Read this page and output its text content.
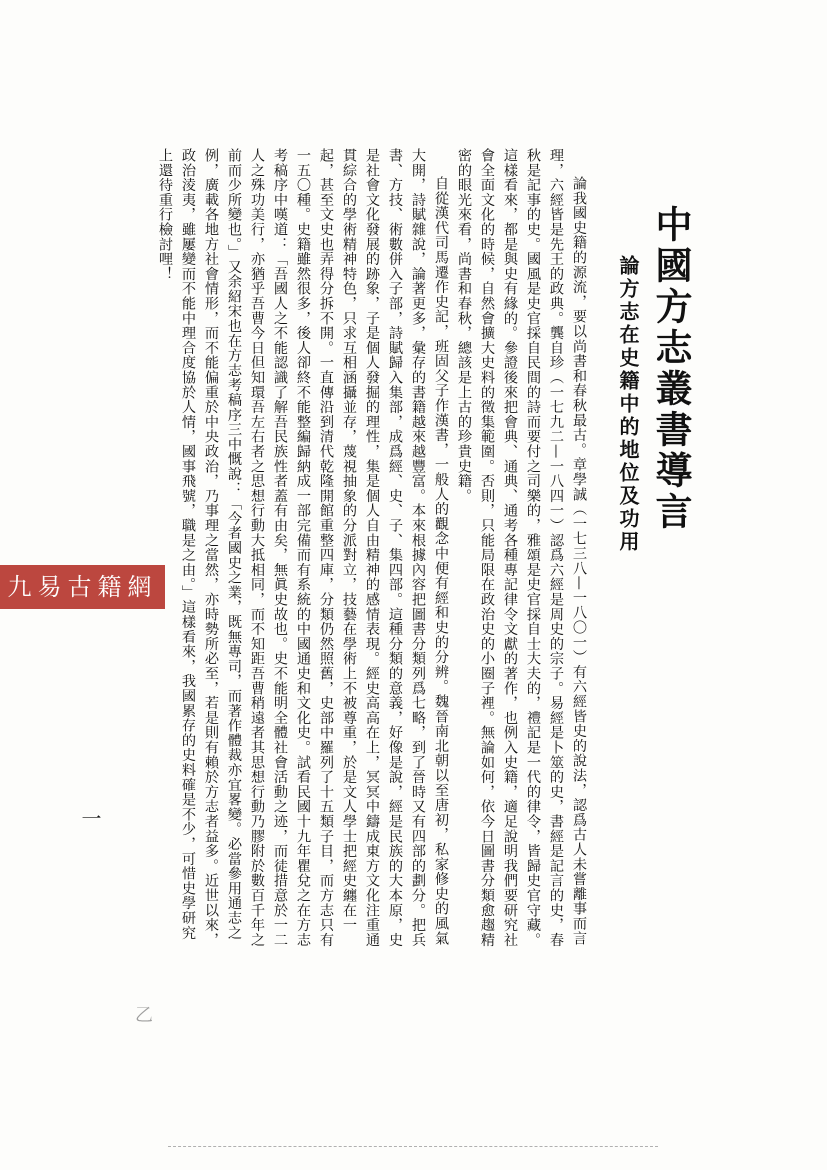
中國方志叢書導言
論方志在史籍中的地位及功用

論我國史籍的源流，要以尚書和春秋最古。章學誠（一七三八—一八〇一）有六經皆史的說法，認爲古人未嘗離事而言理，六經皆是先王的政典。龔自珍（一七九二—一八四一）認爲六經是周史的宗子。易經是卜筮的史，書經是記言的史，春秋是記事的史。國風是史官採自民間的詩而要付之司樂的，雅頌是史官採自士大夫的，禮記是一代的律令，皆歸史官守藏。這樣看來，都是與史有緣的。參證後來把會典、通典、通考各種專記律令文獻的著作，也例入史籍，適足說明我們要研究社會全面文化的時候，自然會擴大史料的徵集範圍。否則，只能局限在政治史的小圈子裡。無論如何，依今日圖書分類愈趨精密的眼光來看，尚書和春秋，總該是上古的珍貴史籍。

自從漢代司馬遷作史記，班固父子作漢書，一般人的觀念中便有經和史的分辨。魏晉南北朝以至唐初，私家修史的風氣大開，詩賦雜說，論著更多，彙存的書籍越來越豐富。本來根據內容把圖書分類列爲七略，到了晉時又有四部的劃分。把兵書、方技、術數併入子部，詩賦歸入集部，成爲經、史、子、集四部。這種分類的意義，好像是說，經是民族的大本原，史是社會文化發展的跡象，子是個人發掘的理性，集是個人自由精神的感情表現。經史高高在上，冥冥中鑄成東方文化注重通貫綜合的學術精神特色，只求互相涵攝並存，蔑視抽象的分派對立，技藝在學術上不被尊重，於是文人學士把經史纏在一起，甚至文史也弄得分拆不開。一直傳沿到清代乾隆開館重整四庫，分類仍然照舊，史部中羅列了十五類子目，而方志只有一五〇種。史籍雖然很多，後人卻終不能整編歸納成一部完備而有系統的中國通史和文化史。試看民國十九年瞿兌之在方志考稿序中嘆道：「吾國人之不能認識了解吾民族性者蓋有由矣，無眞史故也。史不能明全體社會活動之迹，而徒措意於一二人之殊功美行，亦猶乎吾曹今日但知環吾左右者之思想行動大抵相同，而不知距吾曹稍遠者其思想行動乃膠附於數百千年之前而少所變也。」又余紹宋也在方志考稿序三中慨說：「今者國史之業，既無專司，而著作體裁亦宜畧變。必當參用通志之例，廣載各地方社會情形，而不能偏重於中央政治，乃事理之當然，亦時勢所必至，若是則有賴於方志者益多。近世以來，政治淩夷，雖屢變而不能中理合度協於人情，國事飛號，職是之由。」這樣看來，我國累存的史料確是不少，可惜史學研究上還待重行檢討哩！

一
九易古籍網
乙
